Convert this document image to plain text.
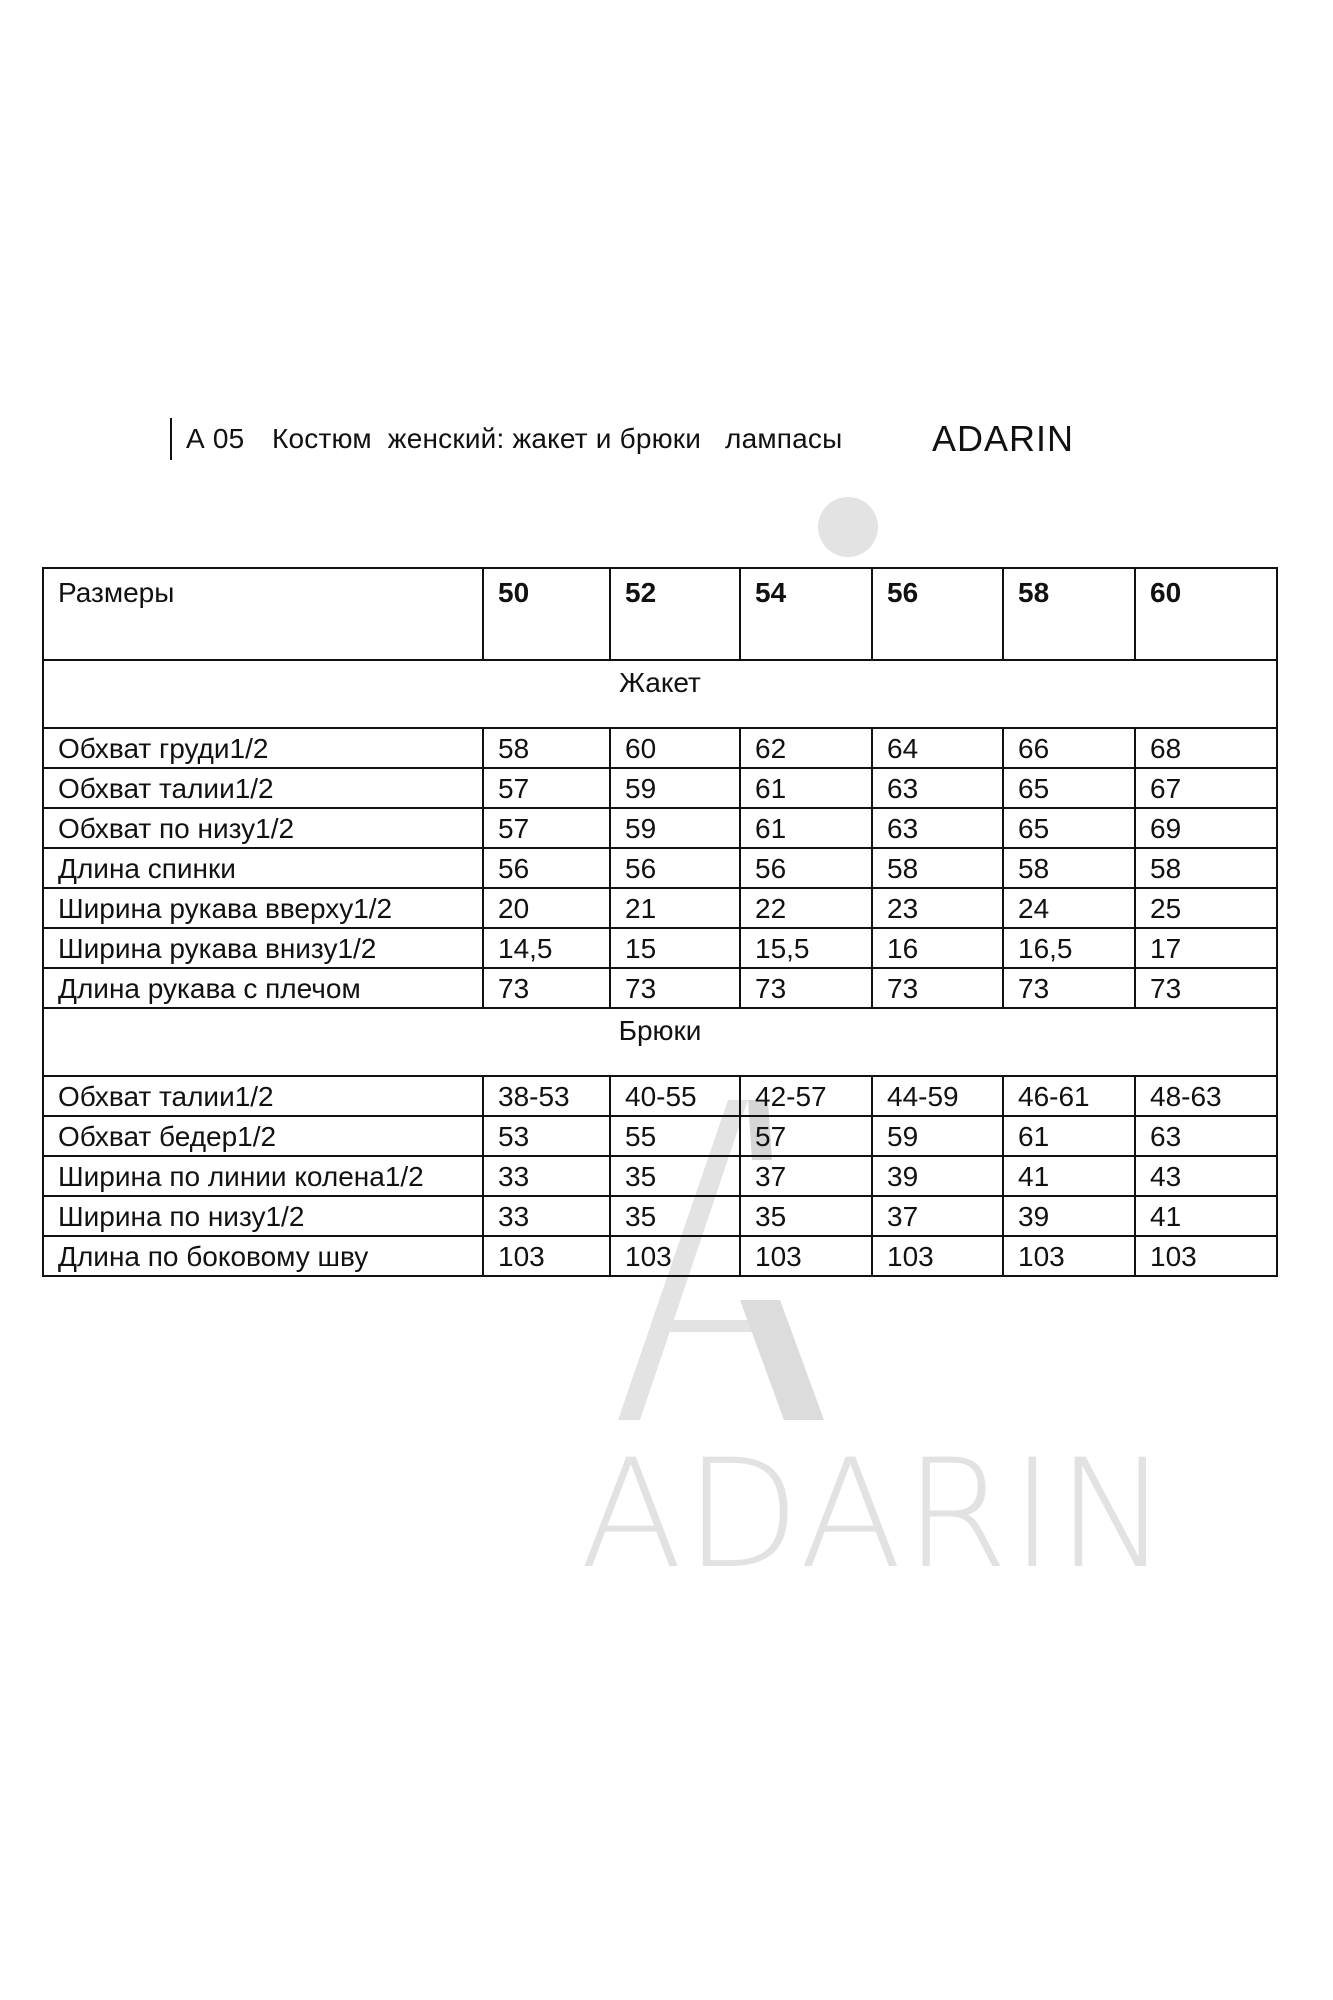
А 05 Костюм  женский: жакет и брюки   лампасы	ADARIN
ADARIN
Размеры	50	52	54	56	58	60
Жакет						
Обхват груди1/2	58	60	62	64	66	68
Обхват талии1/2	57	59	61	63	65	67
Обхват по низу1/2	57	59	61	63	65	69
Длина спинки	56	56	56	58	58	58
Ширина рукава вверху1/2	20	21	22	23	24	25
Ширина рукава внизу1/2	14,5	15	15,5	16	16,5	17
Длина рукава с плечом	73	73	73	73	73	73
Брюки						
Обхват талии1/2	38-53	40-55	42-57	44-59	46-61	48-63
Обхват бедер1/2	53	55	57	59	61	63
Ширина по линии колена1/2	33	35	37	39	41	43
Ширина по низу1/2	33	35	35	37	39	41
Длина по боковому шву	103	103	103	103	103	103
